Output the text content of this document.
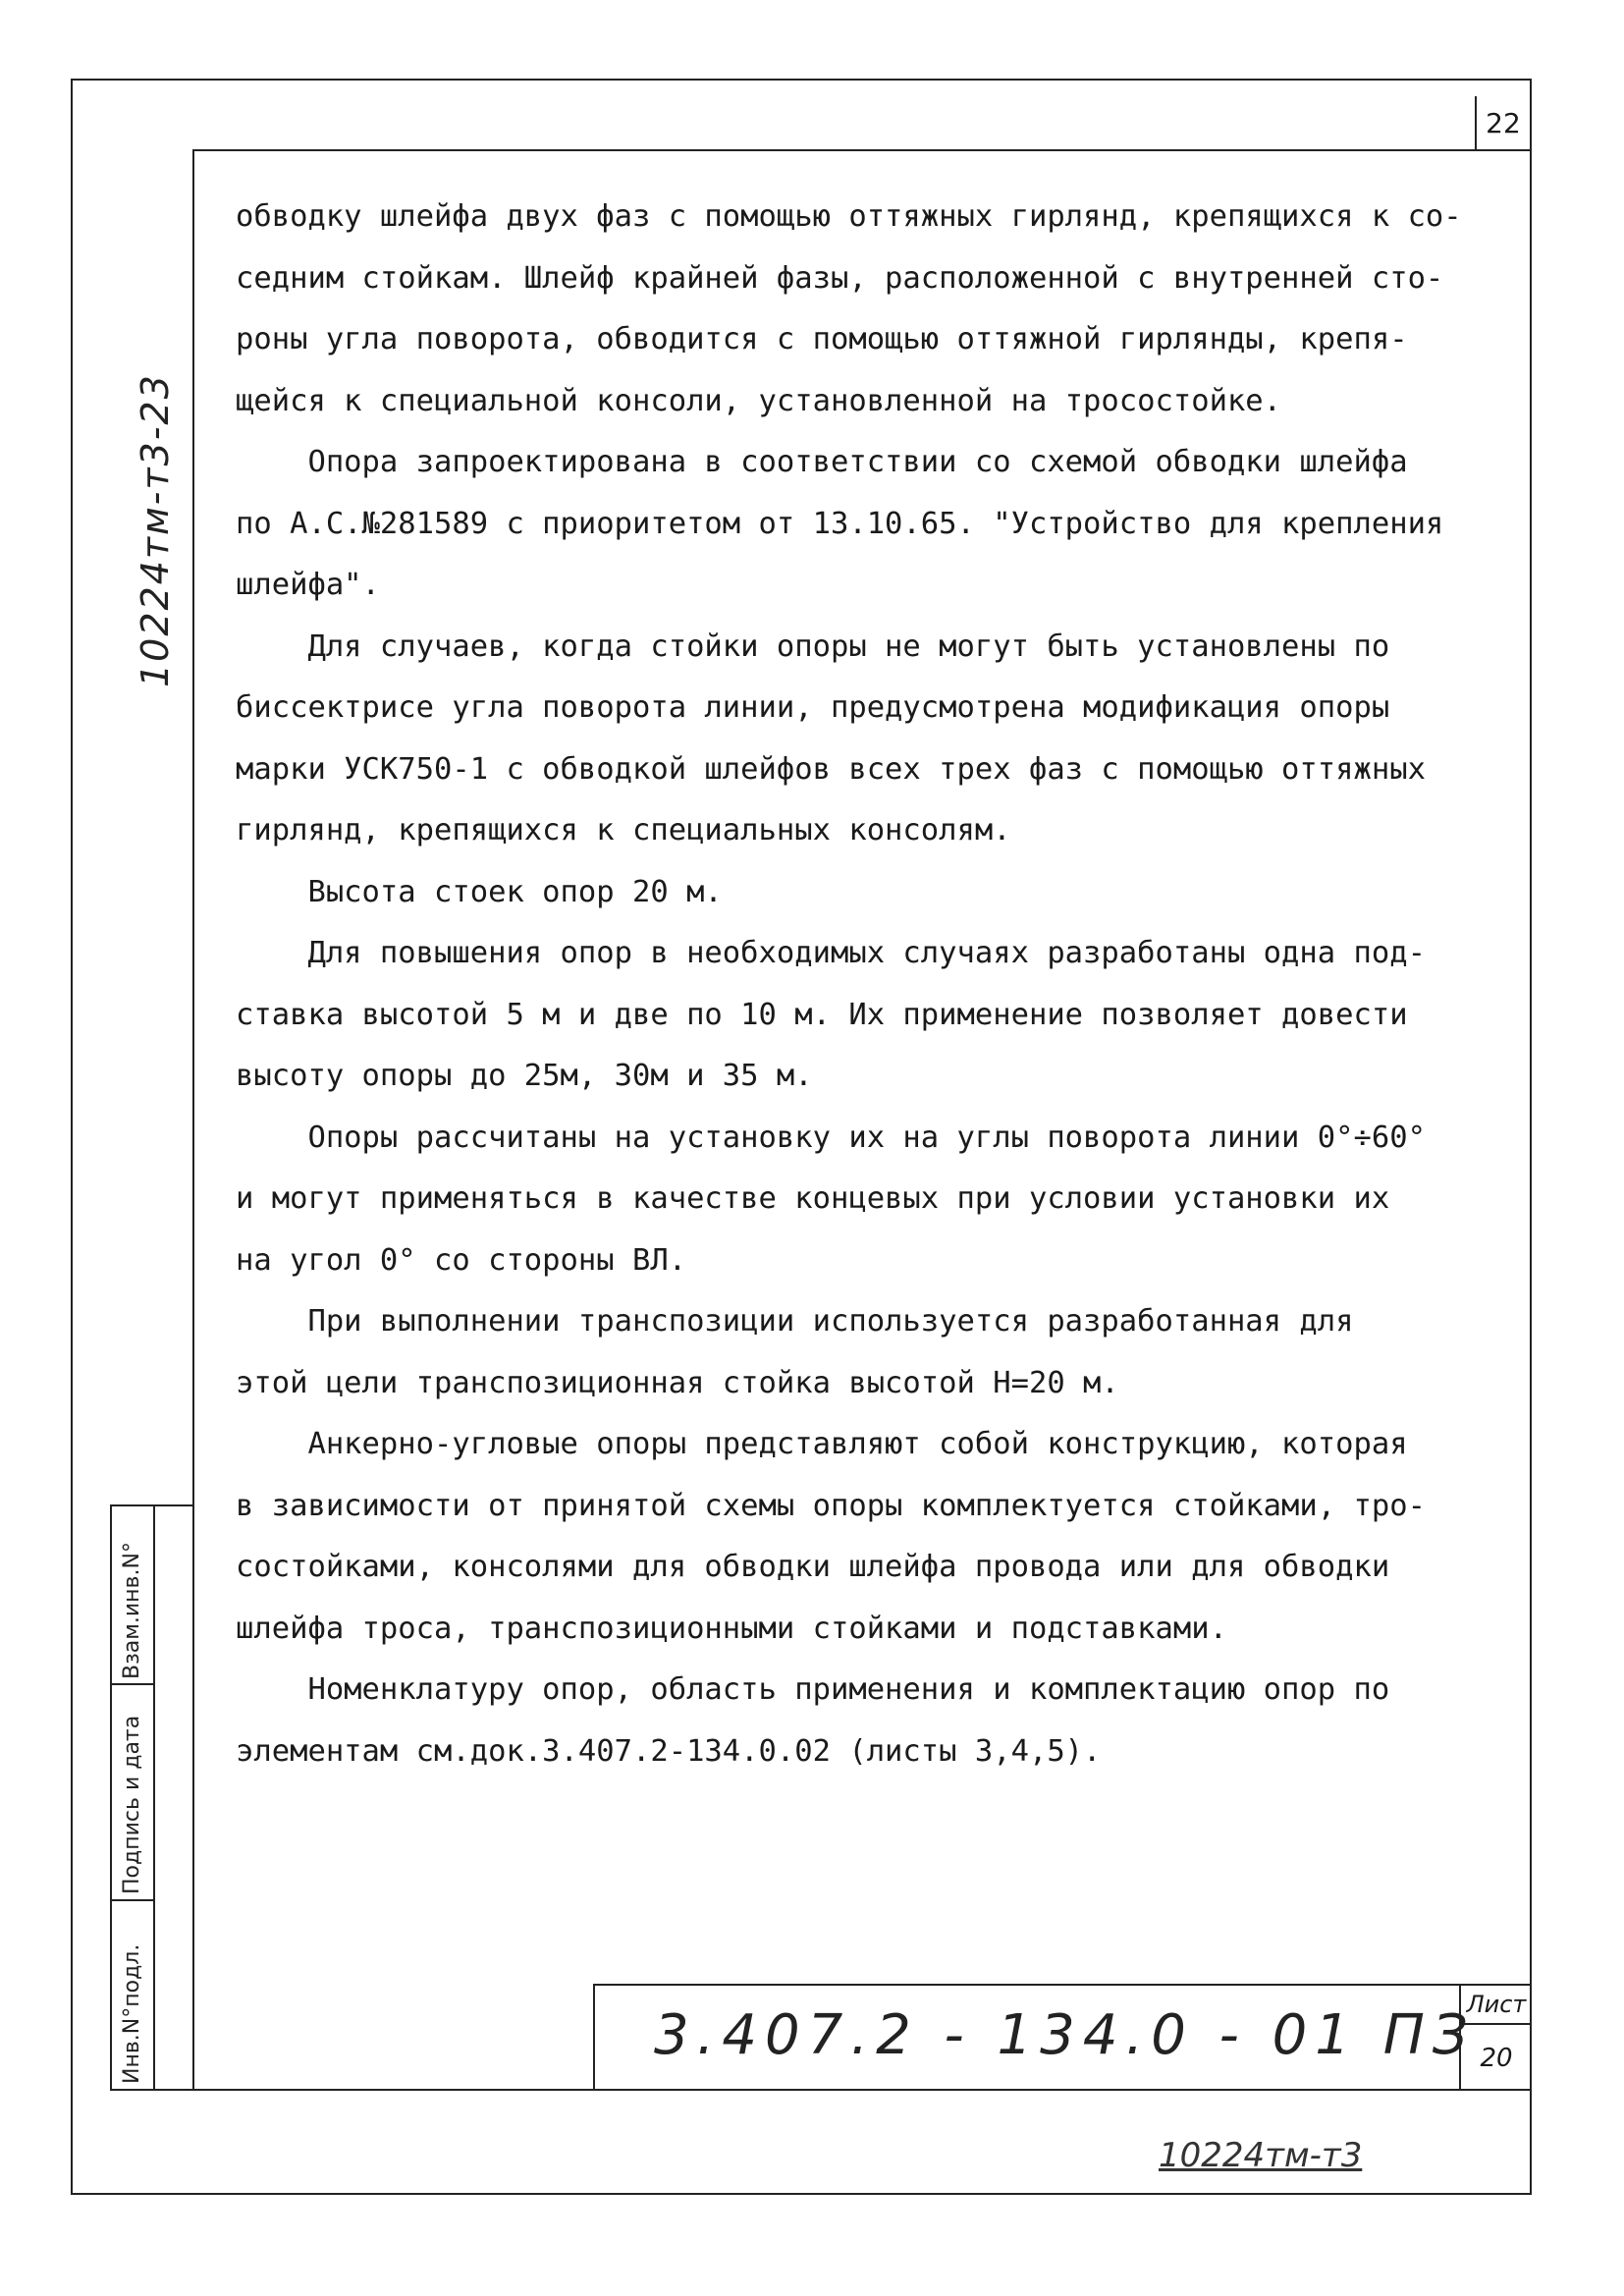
22
10224тм-т3-23
Инв.N°подл.
Подпись и дата
Взам.инв.N°
обводку шлейфа двух фаз с помощью оттяжных гирлянд, крепящихся к со-
седним стойкам. Шлейф крайней фазы, расположенной с внутренней сто-
роны угла поворота, обводится с помощью оттяжной гирлянды, крепя-
щейся к специальной консоли, установленной на тросостойке.
Опора запроектирована в соответствии со схемой обводки шлейфа
по А.С.№281589 с приоритетом от 13.10.65. "Устройство для крепления
шлейфа".
Для случаев, когда стойки опоры не могут быть установлены по
биссектрисе угла поворота линии, предусмотрена модификация опоры
марки УСК750-1 с обводкой шлейфов всех трех фаз с помощью оттяжных
гирлянд, крепящихся к специальных консолям.
Высота стоек опор 20 м.
Для повышения опор в необходимых случаях разработаны одна под-
ставка высотой 5 м и две по 10 м. Их применение позволяет довести
высоту опоры до 25м, 30м и 35 м.
Опоры рассчитаны на установку их на углы поворота линии 0°÷60°
и могут применяться в качестве концевых при условии установки их
на угол 0° со стороны ВЛ.
При выполнении транспозиции используется разработанная для
этой цели транспозиционная стойка высотой Н=20 м.
Анкерно-угловые опоры представляют собой конструкцию, которая
в зависимости от принятой схемы опоры комплектуется стойками, тро-
состойками, консолями для обводки шлейфа провода или для обводки
шлейфа троса, транспозиционными стойками и подставками.
Номенклатуру опор, область применения и комплектацию опор по
элементам см.док.3.407.2-134.0.02 (листы 3,4,5).
3.407.2 - 134.0 - 01 ПЗ
Лист
20
10224тм-т3
